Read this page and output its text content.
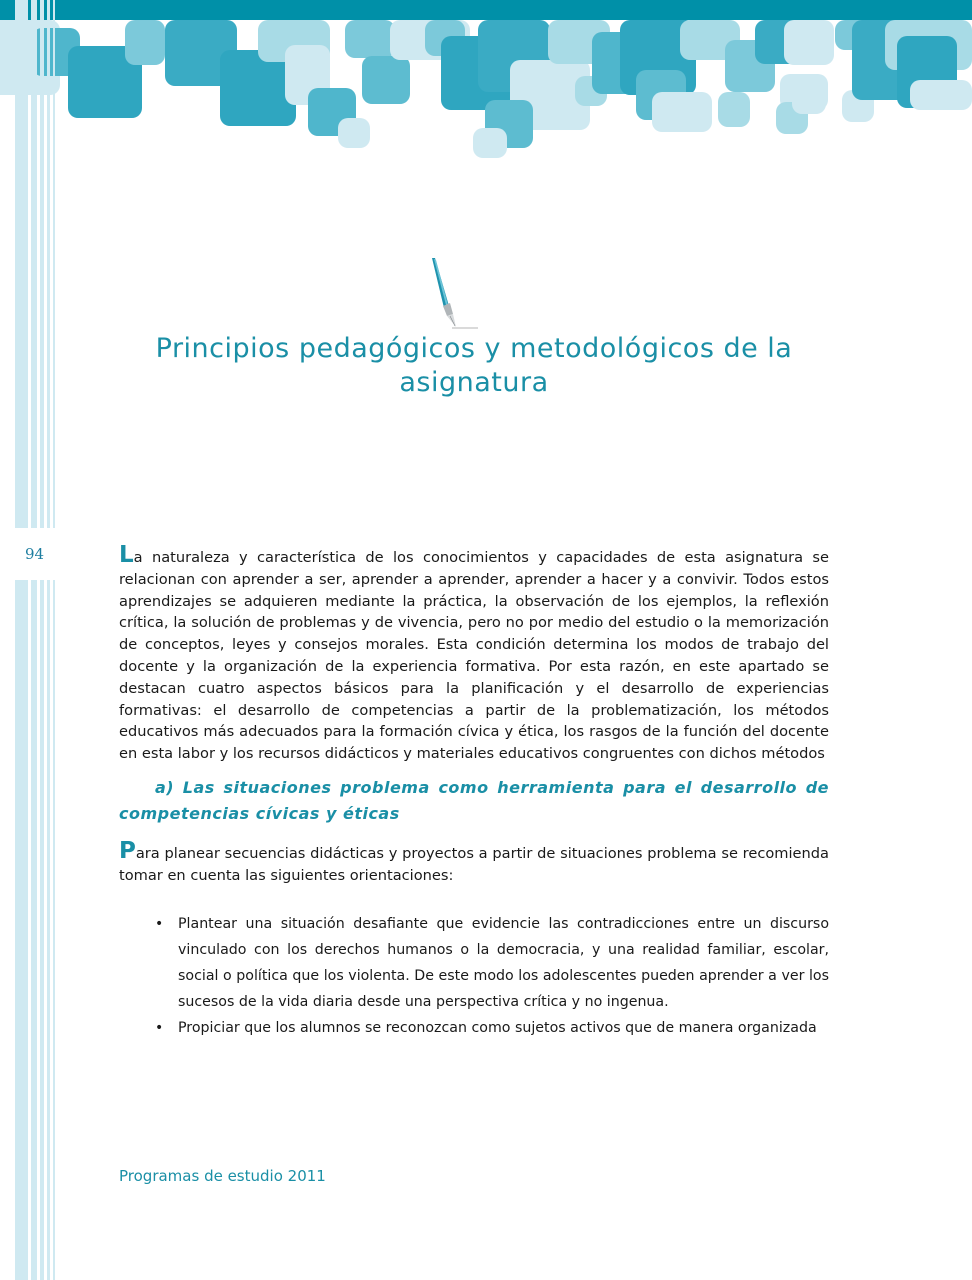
94
Principios pedagógicos y metodológicos de la asignatura

La naturaleza y característica de los conocimientos y capacidades de esta asignatura se relacionan con aprender a ser, aprender a aprender, aprender a hacer y a convivir. Todos estos aprendizajes se adquieren mediante la práctica, la observación de los ejemplos, la reflexión crítica, la solución de problemas y de vivencia, pero no por medio del estudio o la memorización de conceptos, leyes y consejos morales. Esta condición determina los modos de trabajo del docente y la organización de la experiencia formativa. Por esta razón, en este apartado se destacan cuatro aspectos básicos para la planificación y el desarrollo de experiencias formativas: el desarrollo de competencias a partir de la problematización, los métodos educativos más adecuados para la formación cívica y ética, los rasgos de la función del docente en esta labor y los recursos didácticos y materiales educativos congruentes con dichos métodos

a) Las situaciones problema como herramienta para el desarrollo de competencias cívicas y éticas

Para planear secuencias didácticas y proyectos a partir de situaciones problema se recomienda tomar en cuenta las siguientes orientaciones:

• Plantear una situación desafiante que evidencie las contradicciones entre un discurso vinculado con los derechos humanos o la democracia, y una realidad familiar, escolar, social o política que los violenta. De este modo los adolescentes pueden aprender a ver los sucesos de la vida diaria desde una perspectiva crítica y no ingenua.
• Propiciar que los alumnos se reconozcan como sujetos activos que de manera organizada
Programas de estudio 2011
